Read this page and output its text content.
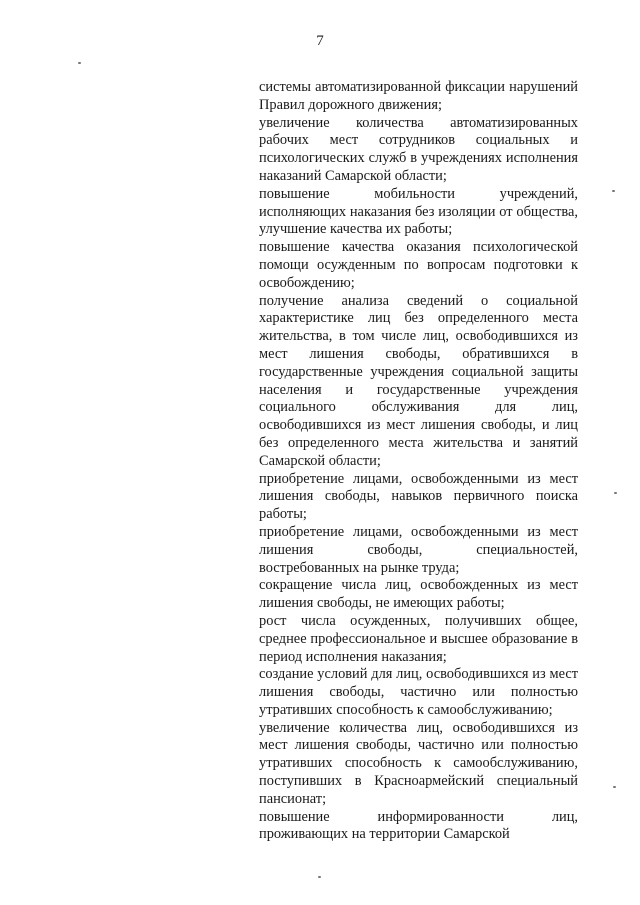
7

системы автоматизированной фиксации нарушений Правил дорожного движения;

увеличение количества автоматизированных рабочих мест сотрудников социальных и психологических служб в учреждениях исполнения наказаний Самарской области;

повышение мобильности учреждений, исполняющих наказания без изоляции от общества, улучшение качества их работы;

повышение качества оказания психологической помощи осужденным по вопросам подготовки к освобождению;

получение анализа сведений о социальной характеристике лиц без определенного места жительства, в том числе лиц, освободившихся из мест лишения свободы, обратившихся в государственные учреждения социальной защиты населения и государственные учреждения социального обслуживания для лиц, освободившихся из мест лишения свободы, и лиц без определенного места жительства и занятий Самарской области;

приобретение лицами, освобожденными из мест лишения свободы, навыков первичного поиска работы;

приобретение лицами, освобожденными из мест лишения свободы, специальностей, востребованных на рынке труда;

сокращение числа лиц, освобожденных из мест лишения свободы, не имеющих работы;

рост числа осужденных, получивших общее, среднее профессиональное и высшее образование в период исполнения наказания;

создание условий для лиц, освободившихся из мест лишения свободы, частично или полностью утративших способность к самообслуживанию;

увеличение количества лиц, освободившихся из мест лишения свободы, частично или полностью утративших способность к самообслуживанию, поступивших в Красноармейский специальный пансионат;

повышение информированности лиц, проживающих на территории Самарской
